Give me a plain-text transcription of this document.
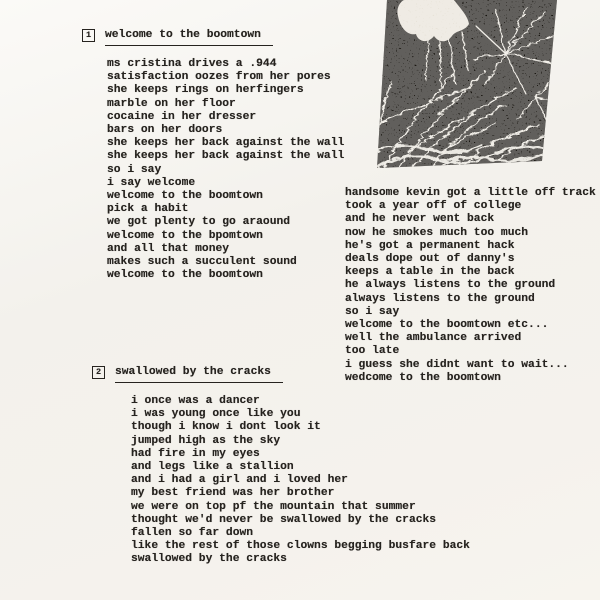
1	welcome to the boomtown
ms cristina drives a .944
satisfaction oozes from her pores
she keeps rings on herfingers
marble on her floor
cocaine in her dresser
bars on her doors
she keeps her back against the wall
she keeps her back against the wall
so i say
i say welcome
welcome to the boomtown
pick a habit
we got plenty to go araound
welcome to the bpomtown
and all that money
makes such a succulent sound
welcome to the boomtown
handsome kevin got a little off track
took a year off of college
and he never went back
now he smokes much too much
he's got a permanent hack
deals dope out of danny's
keeps a table in the back
he always listens to the ground
always listens to the ground
so i say
welcome to the boomtown etc...
well the ambulance arrived
too late
i guess she didnt want to wait...
wedcome to the boomtown
2	swallowed by the cracks
i once was a dancer
i was young once like you
though i know i dont look it
jumped high as the sky
had fire in my eyes
and legs like a stallion
and i had a girl and i loved her
my best friend was her brother
we were on top pf the mountain that summer
thought we'd never be swallowed by the cracks
fallen so far down
like the rest of those clowns begging busfare back
swallowed by the cracks
